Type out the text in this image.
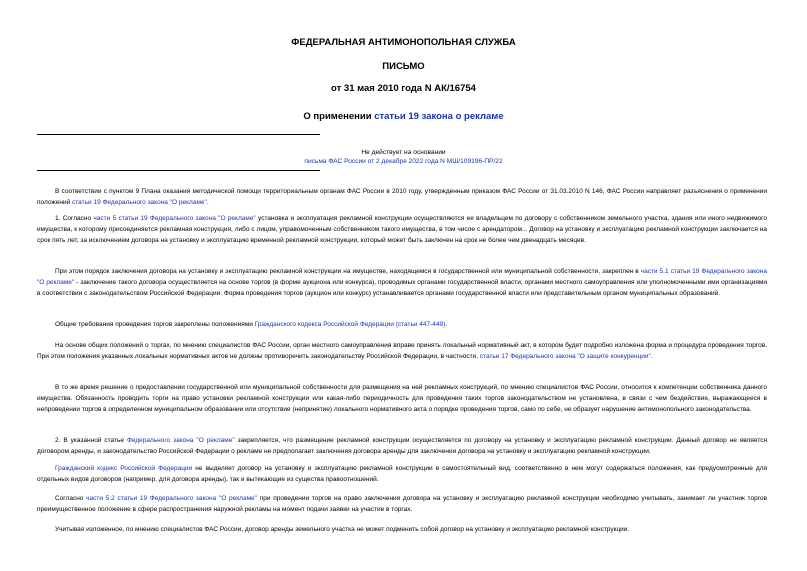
ФЕДЕРАЛЬНАЯ АНТИМОНОПОЛЬНАЯ СЛУЖБА
ПИСЬМО
от 31 мая 2010 года N АК/16754
О применении статьи 19 закона о рекламе
Не действует на основании
письма ФАС России от 2 декабря 2022 года N МШ/109196-ПР/22

В соответствии с пунктом 9 Плана оказания методической помощи территориальным органам ФАС России в 2010 году, утвержденным приказом ФАС России от 31.03.2010 N 146, ФАС России направляет разъяснения о применении положений статьи 19 Федерального закона "О рекламе".

1. Согласно части 5 статьи 19 Федерального закона "О рекламе" установка и эксплуатация рекламной конструкции осуществляются ее владельцем по договору с собственником земельного участка, здания или иного недвижимого имущества, к которому присоединяется рекламная конструкция, либо с лицом, управомоченным собственником такого имущества, в том числе с арендатором... Договор на установку и эксплуатацию рекламной конструкции заключается на срок пять лет, за исключением договора на установку и эксплуатацию временной рекламной конструкции, который может быть заключен на срок не более чем двенадцать месяцев.

При этом порядок заключения договора на установку и эксплуатацию рекламной конструкции на имуществе, находящемся в государственной или муниципальной собственности, закреплен в части 5.1 статьи 19 Федерального закона "О рекламе" - заключение такого договора осуществляется на основе торгов (в форме аукциона или конкурса), проводимых органами государственной власти, органами местного самоуправления или уполномоченными ими организациями в соответствии с законодательством Российской Федерации. Форма проведения торгов (аукцион или конкурс) устанавливается органами государственной власти или представительным органом муниципальных образований.

Общие требования проведения торгов закреплены положениями Гражданского кодекса Российской Федерации (статьи 447-449).

На основе общих положений о торгах, по мнению специалистов ФАС России, орган местного самоуправления вправе принять локальный нормативный акт, в котором будет подробно изложена форма и процедура проведения торгов. При этом положения указанных локальных нормативных актов не должны противоречить законодательству Российской Федерации, в частности, статье 17 Федерального закона "О защите конкуренции".

В то же время решение о предоставлении государственной или муниципальной собственности для размещения на ней рекламных конструкций, по мнению специалистов ФАС России, относится к компетенции собственника данного имущества. Обязанность проводить торги на право установки рекламной конструкции или какая-либо периодичность для проведения таких торгов законодательством не установлена, в связи с чем бездействие, выражающееся в непроведении торгов в определенном муниципальном образовании или отсутствие (непринятие) локального нормативного акта о порядке проведения торгов, само по себе, не образует нарушение антимонопольного законодательства.

2. В указанной статье Федерального закона "О рекламе" закрепляется, что размещение рекламной конструкции осуществляется по договору на установку и эксплуатацию рекламной конструкции. Данный договор не является договором аренды, и законодательство Российской Федерации о рекламе не предполагает заключения договора аренды для заключения договора на установку и эксплуатацию рекламной конструкции.

Гражданский кодекс Российской Федерации не выделяет договор на установку и эксплуатацию рекламной конструкции в самостоятельный вид, соответственно в нем могут содержаться положения, как предусмотренные для отдельных видов договоров (например, для договора аренды), так и вытекающие из существа правоотношений.

Согласно части 5.2 статьи 19 Федерального закона "О рекламе" при проведении торгов на право заключения договора на установку и эксплуатацию рекламной конструкции необходимо учитывать, занимает ли участник торгов преимущественное положение в сфере распространения наружной рекламы на момент подачи заявки на участие в торгах.

Учитывая изложенное, по мнению специалистов ФАС России, договор аренды земельного участка не может подменить собой договор на установку и эксплуатацию рекламной конструкции.
